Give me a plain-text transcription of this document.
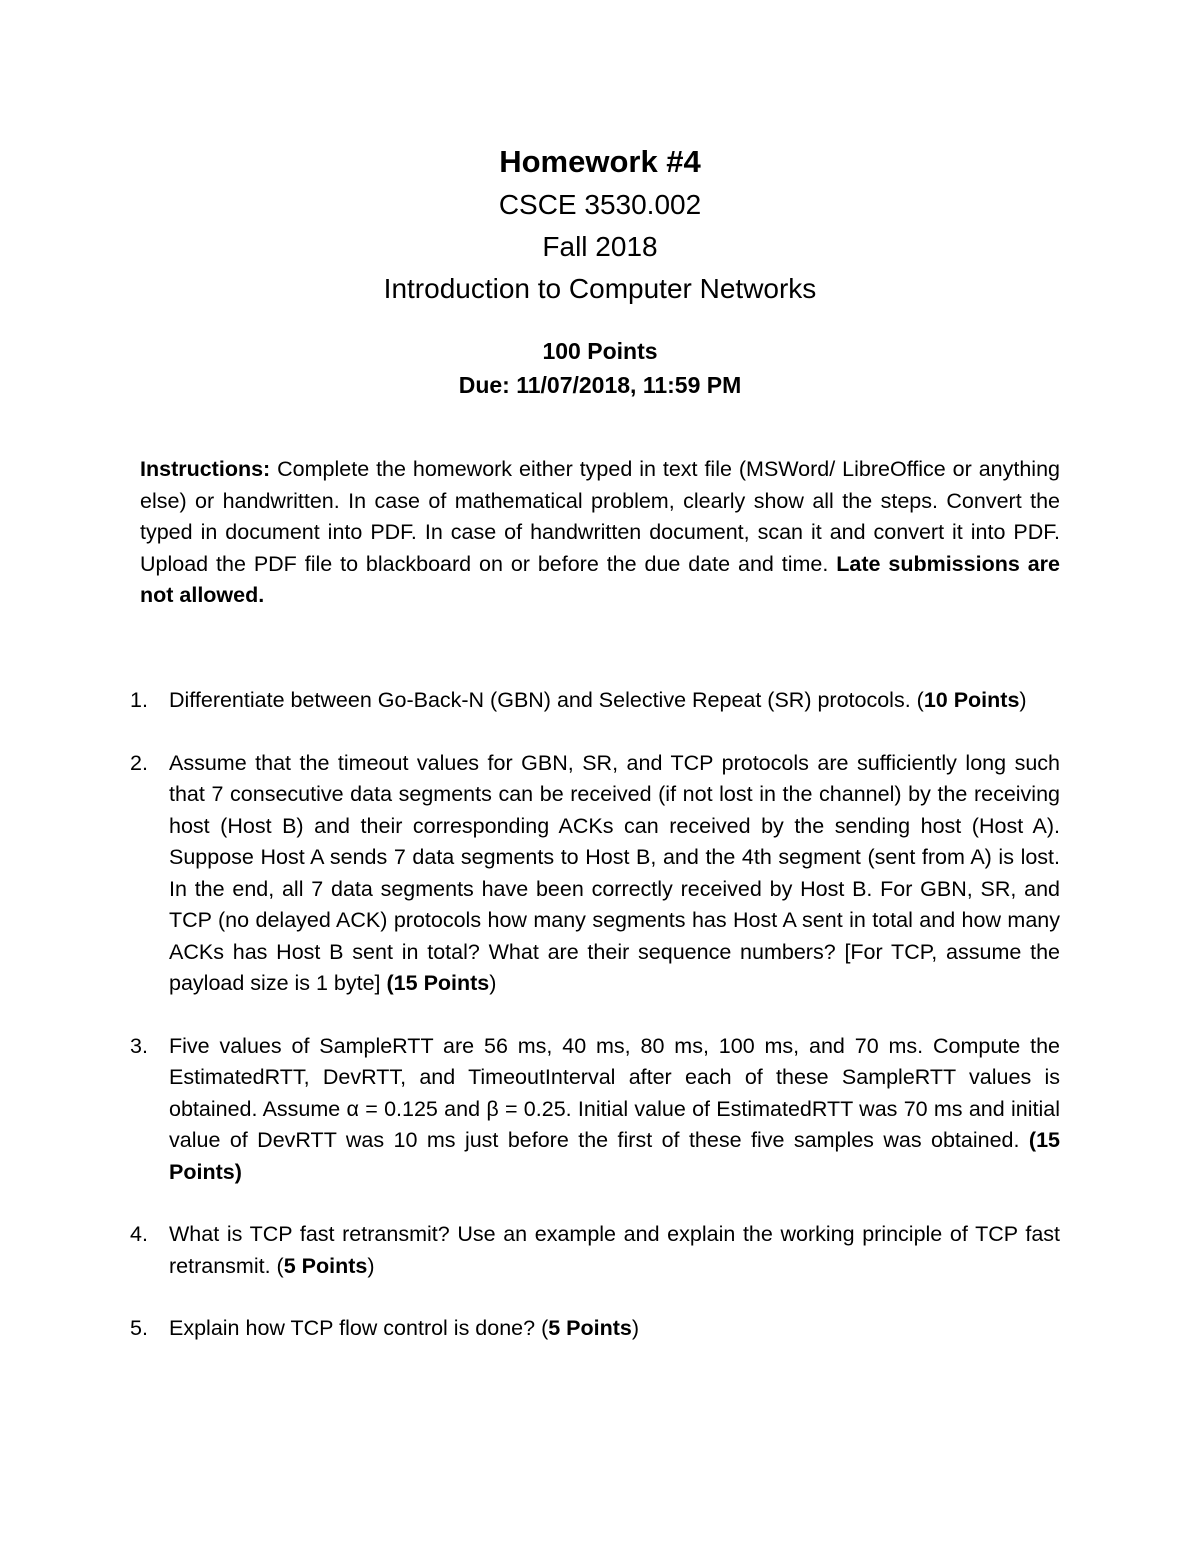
Homework #4

CSCE 3530.002

Fall 2018

Introduction to Computer Networks

100 Points

Due: 11/07/2018, 11:59 PM

Instructions: Complete the homework either typed in text file (MSWord/ LibreOffice or anything else) or handwritten. In case of mathematical problem, clearly show all the steps. Convert the typed in document into PDF. In case of handwritten document, scan it and convert it into PDF. Upload the PDF file to blackboard on or before the due date and time. Late submissions are not allowed.

1. Differentiate between Go-Back-N (GBN) and Selective Repeat (SR) protocols. (10 Points)
2. Assume that the timeout values for GBN, SR, and TCP protocols are sufficiently long such that 7 consecutive data segments can be received (if not lost in the channel) by the receiving host (Host B) and their corresponding ACKs can received by the sending host (Host A). Suppose Host A sends 7 data segments to Host B, and the 4th segment (sent from A) is lost. In the end, all 7 data segments have been correctly received by Host B. For GBN, SR, and TCP (no delayed ACK) protocols how many segments has Host A sent in total and how many ACKs has Host B sent in total? What are their sequence numbers? [For TCP, assume the payload size is 1 byte] (15 Points)
3. Five values of SampleRTT are 56 ms, 40 ms, 80 ms, 100 ms, and 70 ms. Compute the EstimatedRTT, DevRTT, and TimeoutInterval after each of these SampleRTT values is obtained. Assume α = 0.125 and β = 0.25. Initial value of EstimatedRTT was 70 ms and initial value of DevRTT was 10 ms just before the first of these five samples was obtained. (15 Points)
4. What is TCP fast retransmit? Use an example and explain the working principle of TCP fast retransmit. (5 Points)
5. Explain how TCP flow control is done? (5 Points)
